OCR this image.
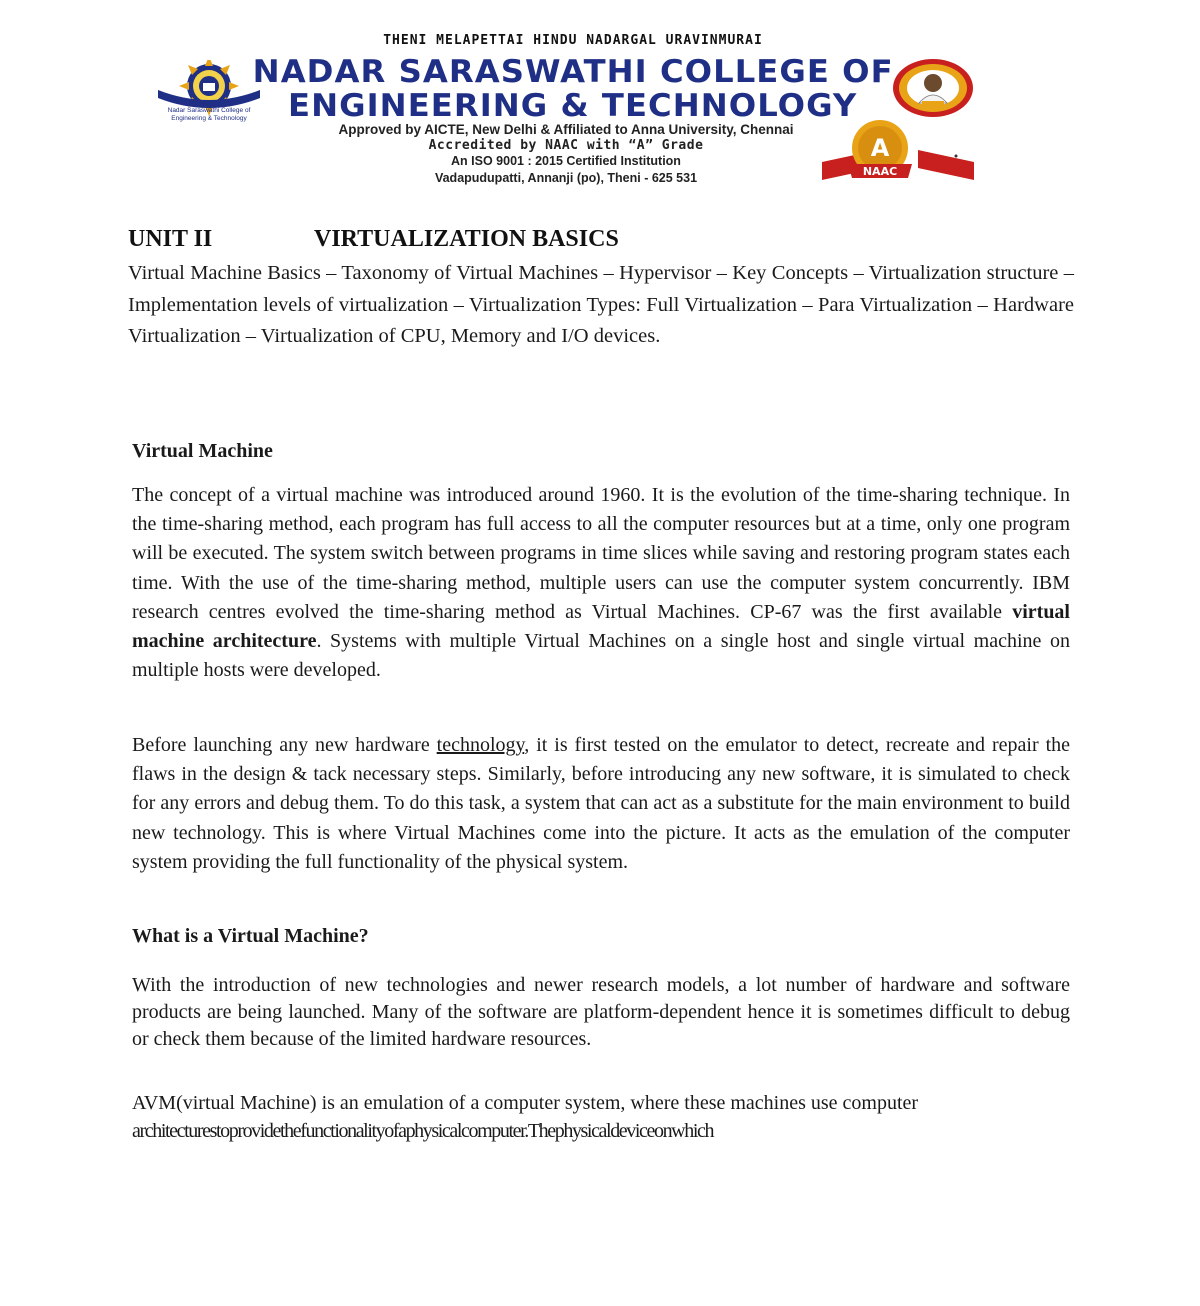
THENI MELAPETTAI HINDU NADARGAL URAVINMURAI
NADAR SARASWATHI COLLEGE OF
ENGINEERING & TECHNOLOGY
Approved by AICTE, New Delhi & Affiliated to Anna University, Chennai
Accredited by NAAC with “A” Grade
An ISO 9001 : 2015 Certified Institution
Vadapudupatti, Annanji (po), Theni - 625 531
Nadar Saraswathi College of
Engineering & Technology
A
NAAC
UNIT II	VIRTUALIZATION BASICS

Virtual Machine Basics – Taxonomy of Virtual Machines – Hypervisor – Key Concepts – Virtualization structure – Implementation levels of virtualization – Virtualization Types: Full Virtualization – Para Virtualization – Hardware Virtualization – Virtualization of CPU, Memory and I/O devices.

Virtual Machine

The concept of a virtual machine was introduced around 1960. It is the evolution of the time-sharing technique. In the time-sharing method, each program has full access to all the computer resources but at a time, only one program will be executed. The system switch between programs in time slices while saving and restoring program states each time. With the use of the time-sharing method, multiple users can use the computer system concurrently. IBM research centres evolved the time-sharing method as Virtual Machines. CP-67 was the first available virtual machine architecture. Systems with multiple Virtual Machines on a single host and single virtual machine on multiple hosts were developed.

Before launching any new hardware technology, it is first tested on the emulator to detect, recreate and repair the flaws in the design & tack necessary steps. Similarly, before introducing any new software, it is simulated to check for any errors and debug them. To do this task, a system that can act as a substitute for the main environment to build new technology. This is where Virtual Machines come into the picture. It acts as the emulation of the computer system providing the full functionality of the physical system.

What is a Virtual Machine?

With the introduction of new technologies and newer research models, a lot number of hardware and software products are being launched. Many of the software are platform-dependent hence it is sometimes difficult to debug or check them because of the limited hardware resources.

AVM(virtual Machine) is an emulation of a computer system, where these machines use computer

architecturestoprovidethefunctionalityofaphysicalcomputer.Thephysicaldeviceonwhich
